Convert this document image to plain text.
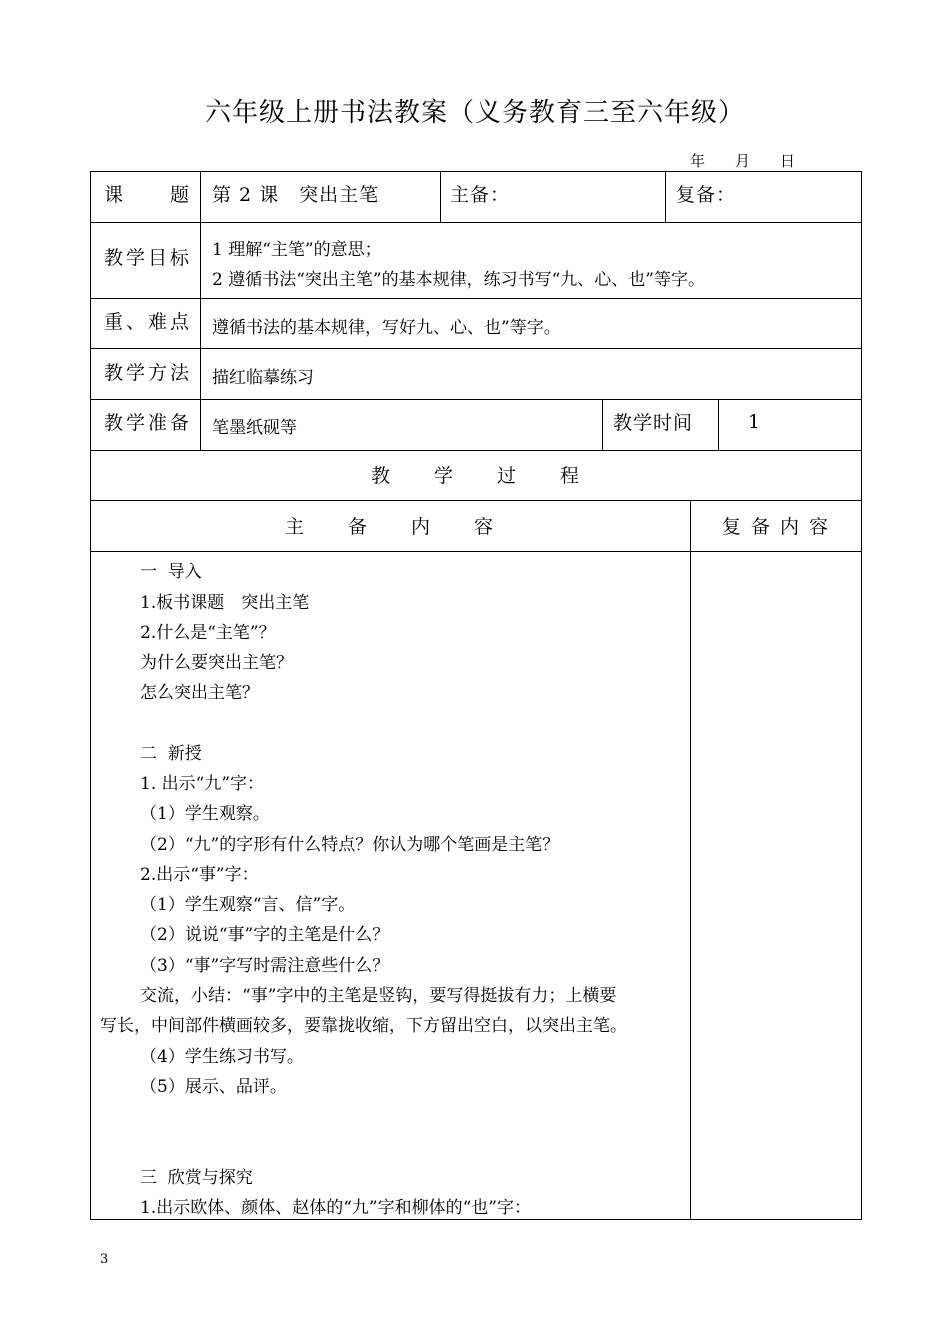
六年级上册书法教案（义务教育三至六年级）
年　　月　　日
课　　题 第 2 课　突出主笔	主备：	复备：
教学目标 1 理解“主笔”的意思；
2 遵循书法“突出主笔”的基本规律，练习书写“九、心、也”等字。
重、难点 遵循书法的基本规律，写好九、心、也”等字。
教学方法 描红临摹练习
教学准备 笔墨纸砚等	教学时间	1
教　　学　　过　　程
主　　备　　内　　容	复 备 内 容
一  导入
1.板书课题　突出主笔
2.什么是“主笔”？
为什么要突出主笔？
怎么突出主笔？
二  新授
1. 出示“九”字：
（1）学生观察。
（2）“九”的字形有什么特点？你认为哪个笔画是主笔？
2.出示“事”字：
（1）学生观察“言、信”字。
（2）说说“事”字的主笔是什么？
（3）“事”字写时需注意些什么？
交流，小结：“事”字中的主笔是竖钩，要写得挺拔有力；上横要
写长，中间部件横画较多，要靠拢收缩，下方留出空白，以突出主笔。
（4）学生练习书写。
（5）展示、品评。
三  欣赏与探究
1.出示欧体、颜体、赵体的“九”字和柳体的“也”字：
3
